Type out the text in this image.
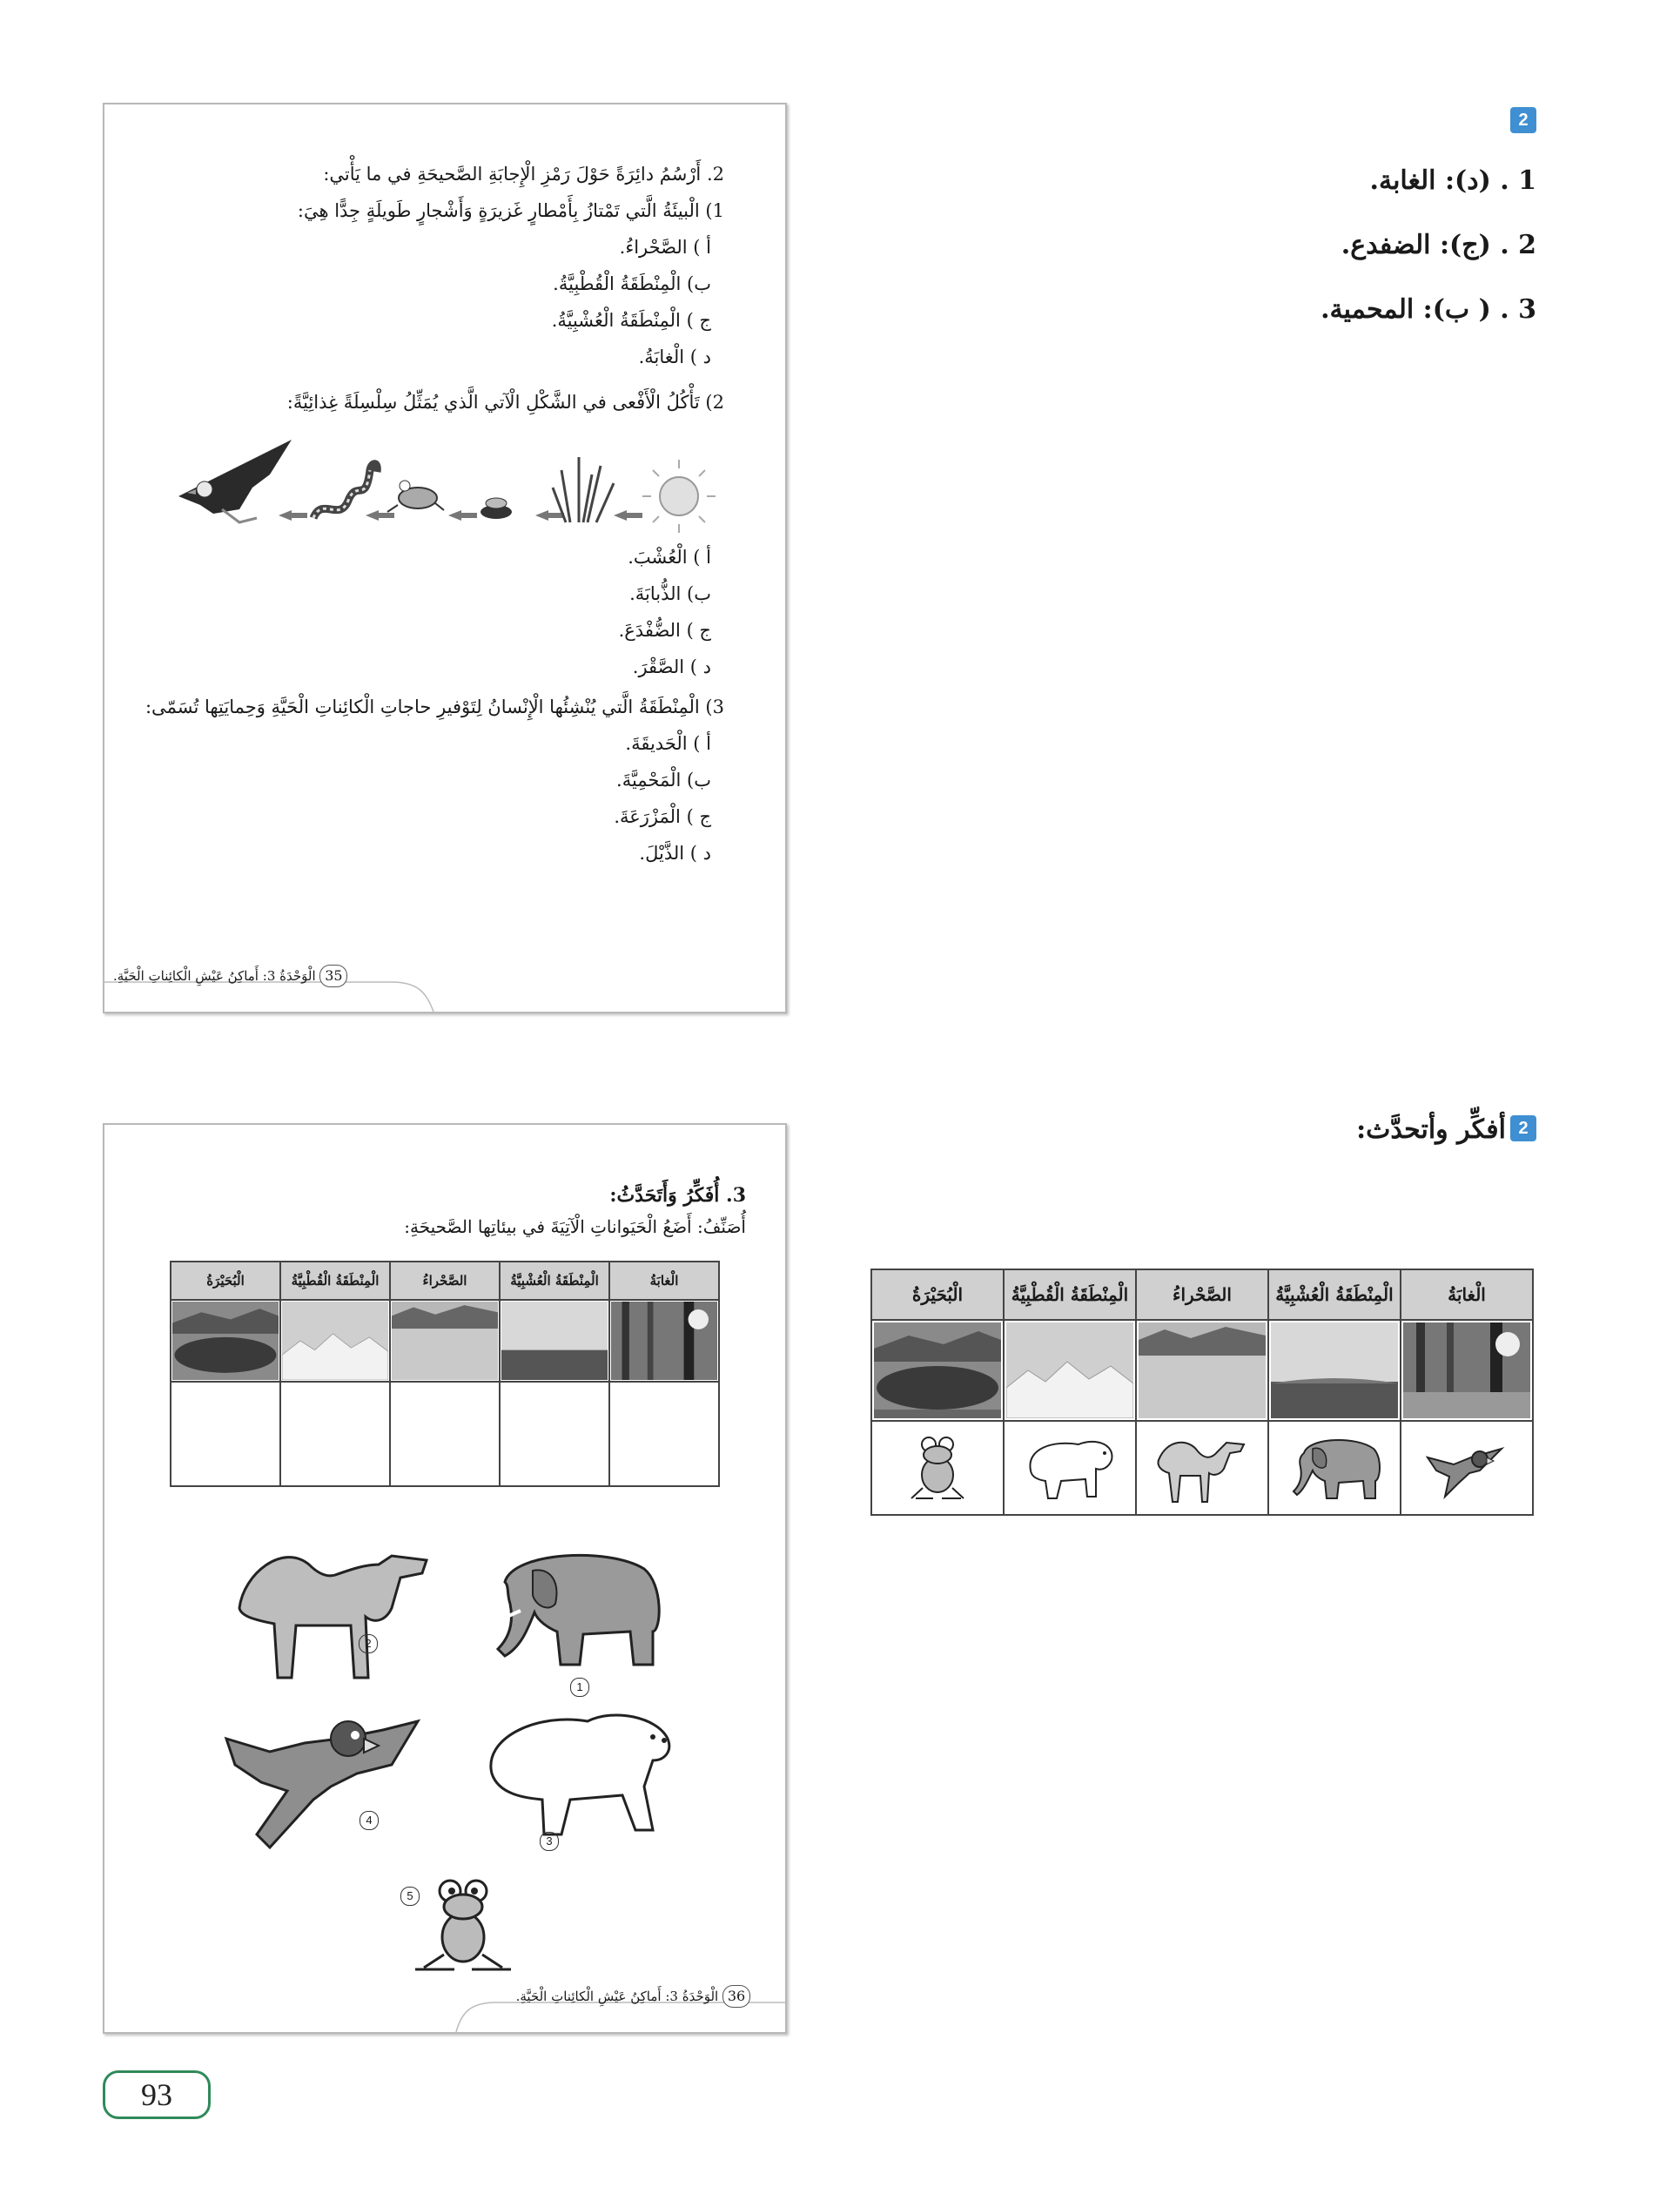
2. أَرْسُمُ دائِرَةً حَوْلَ رَمْزِ الْإِجابَةِ الصَّحيحَةِ في ما يَأْتي:
1) الْبيئَةُ الَّتي تَمْتازُ بِأَمْطارٍ غَزيرَةٍ وَأَشْجارٍ طَويلَةٍ جِدًّا هِيَ:
أ ) الصَّحْراءُ.
ب) الْمِنْطَقَةُ الْقُطْبِيَّةُ.
ج ) الْمِنْطَقَةُ الْعُشْبِيَّةُ.
د ) الْغابَةُ.
2) تَأْكُلُ الْأَفْعى في الشَّكْلِ الْآتي الَّذي يُمَثِّلُ سِلْسِلَةً غِذائِيَّةً:
أ ) الْعُشْبَ.
ب) الذُّبابَةَ.
ج ) الضُّفْدَعَ.
د ) الصَّقْرَ.
3) الْمِنْطَقَةُ الَّتي يُنْشِئُها الْإِنْسانُ لِتَوْفيرِ حاجاتِ الْكائِناتِ الْحَيَّةِ وَحِمايَتِها تُسَمّى:
أ ) الْحَديقَةَ.
ب) الْمَحْمِيَّةَ.
ج ) الْمَزْرَعَةَ.
د ) الذَّيْلَ.
35 الْوَحْدَةُ 3: أَماكِنُ عَيْشِ الْكائِناتِ الْحَيَّةِ.
2
1 . (د): الغابة.
2 . (ج): الضفدع.
3 . ( ب): المحمية.
2 أفكِّر وأتحدَّث:
الْبُحَيْرَةُ	الْمِنْطَقَةُ الْقُطْبِيَّةُ	الصَّحْراءُ	الْمِنْطَقَةُ الْعُشْبِيَّةُ	الْغابَةُ

3. أُفَكِّرُ وَأَتَحَدَّثُ:
أُصَنِّفُ: أَضَعُ الْحَيَواناتِ الْآتِيَةَ في بيئاتِها الصَّحيحَةِ:
الْبُحَيْرَةُ	الْمِنْطَقَةُ الْقُطْبِيَّةُ	الصَّحْراءُ	الْمِنْطَقَةُ الْعُشْبِيَّةُ	الْغابَةُ

2
1
4
3
5
36 الْوَحْدَةُ 3: أَماكِنُ عَيْشِ الْكائِناتِ الْحَيَّةِ.
93
